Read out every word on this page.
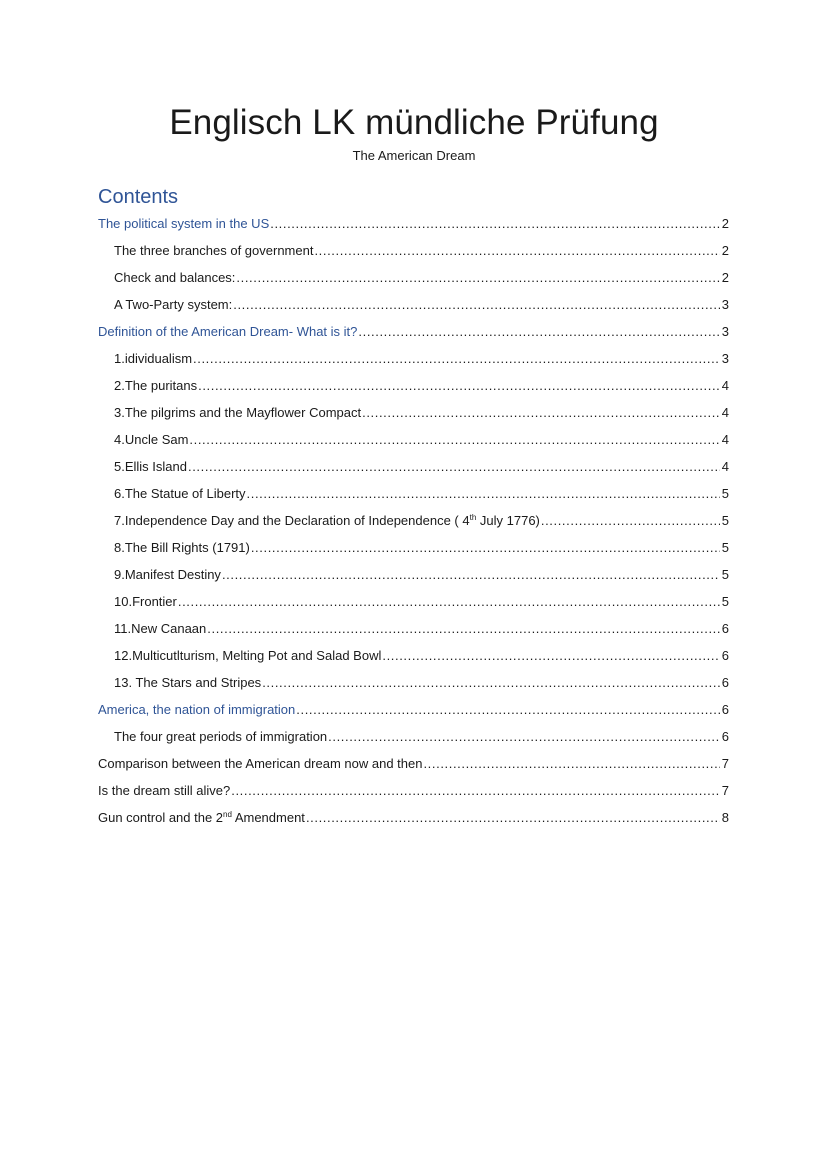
Englisch LK mündliche Prüfung
The American Dream
Contents
The political system in the US .....	2
The three branches of government .....	2
Check and balances: .....	2
A Two-Party system: .....	3
Definition of the American Dream- What is it? .....	3
1.idividualism .....	3
2.The puritans .....	4
3.The pilgrims and the Mayflower Compact .....	4
4.Uncle Sam .....	4
5.Ellis Island .....	4
6.The Statue of Liberty .....	5
7.Independence Day and the Declaration of Independence ( 4th July 1776) .....	5
8.The Bill Rights (1791) .....	5
9.Manifest Destiny .....	5
10.Frontier .....	5
11.New Canaan .....	6
12.Multicutlturism, Melting Pot and Salad Bowl .....	6
13. The Stars and Stripes .....	6
America, the nation of immigration .....	6
The four great periods of immigration .....	6
Comparison between the American dream now and then .....	7
Is the dream still alive? .....	7
Gun control and the 2nd Amendment .....	8
